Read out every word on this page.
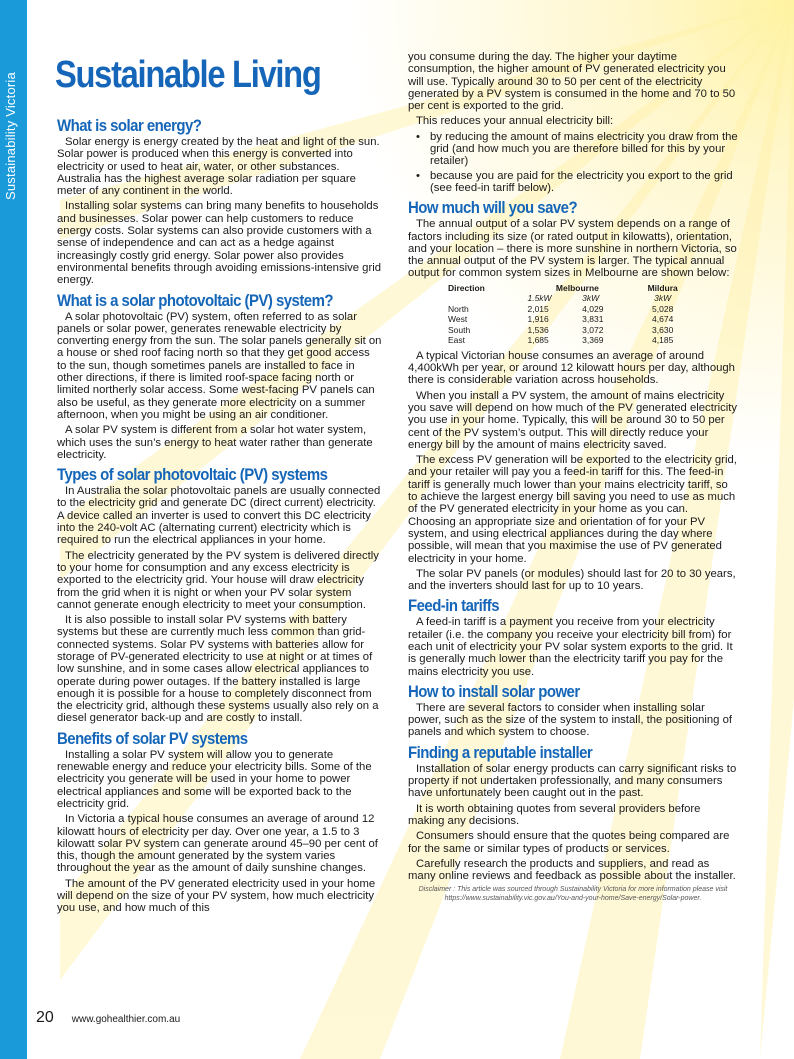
Sustainability Victoria Sustainable Living
What is solar energy?

Solar energy is energy created by the heat and light of the sun. Solar power is produced when this energy is converted into electricity or used to heat air, water, or other substances. Australia has the highest average solar radiation per square meter of any continent in the world.

Installing solar systems can bring many benefits to households and businesses. Solar power can help customers to reduce energy costs. Solar systems can also provide customers with a sense of independence and can act as a hedge against increasingly costly grid energy. Solar power also provides environmental benefits through avoiding emissions-intensive grid energy.

What is a solar photovoltaic (PV) system?

A solar photovoltaic (PV) system, often referred to as solar panels or solar power, generates renewable electricity by converting energy from the sun. The solar panels generally sit on a house or shed roof facing north so that they get good access to the sun, though sometimes panels are installed to face in other directions, if there is limited roof-space facing north or limited northerly solar access. Some west-facing PV panels can also be useful, as they generate more electricity on a summer afternoon, when you might be using an air conditioner.

A solar PV system is different from a solar hot water system, which uses the sun’s energy to heat water rather than generate electricity.

Types of solar photovoltaic (PV) systems

In Australia the solar photovoltaic panels are usually connected to the electricity grid and generate DC (direct current) electricity. A device called an inverter is used to convert this DC electricity into the 240-volt AC (alternating current) electricity which is required to run the electrical appliances in your home.

The electricity generated by the PV system is delivered directly to your home for consumption and any excess electricity is exported to the electricity grid. Your house will draw electricity from the grid when it is night or when your PV solar system cannot generate enough electricity to meet your consumption.

It is also possible to install solar PV systems with battery systems but these are currently much less common than grid-connected systems. Solar PV systems with batteries allow for storage of PV-generated electricity to use at night or at times of low sunshine, and in some cases allow electrical appliances to operate during power outages. If the battery installed is large enough it is possible for a house to completely disconnect from the electricity grid, although these systems usually also rely on a diesel generator back-up and are costly to install.

Benefits of solar PV systems

Installing a solar PV system will allow you to generate renewable energy and reduce your electricity bills. Some of the electricity you generate will be used in your home to power electrical appliances and some will be exported back to the electricity grid.

In Victoria a typical house consumes an average of around 12 kilowatt hours of electricity per day. Over one year, a 1.5 to 3 kilowatt solar PV system can generate around 45–90 per cent of this, though the amount generated by the system varies throughout the year as the amount of daily sunshine changes.

The amount of the PV generated electricity used in your home will depend on the size of your PV system, how much electricity you use, and how much of this

you consume during the day. The higher your daytime consumption, the higher amount of PV generated electricity you will use. Typically around 30 to 50 per cent of the electricity generated by a PV system is consumed in the home and 70 to 50 per cent is exported to the grid.

This reduces your annual electricity bill:

• by reducing the amount of mains electricity you draw from the grid (and how much you are therefore billed for this by your retailer)
• because you are paid for the electricity you export to the grid (see feed-in tariff below).
How much will you save?

The annual output of a solar PV system depends on a range of factors including its size (or rated output in kilowatts), orientation, and your location – there is more sunshine in northern Victoria, so the annual output of the PV system is larger. The typical annual output for common system sizes in Melbourne are shown below:

Direction	Melbourne		Mildura
	1.5kW	3kW	3kW
North	2,015	4,029	5,028
West	1,916	3,831	4,674
South	1,536	3,072	3,630
East	1,685	3,369	4,185

A typical Victorian house consumes an average of around 4,400kWh per year, or around 12 kilowatt hours per day, although there is considerable variation across households.

When you install a PV system, the amount of mains electricity you save will depend on how much of the PV generated electricity you use in your home. Typically, this will be around 30 to 50 per cent of the PV system’s output. This will directly reduce your energy bill by the amount of mains electricity saved.

The excess PV generation will be exported to the electricity grid, and your retailer will pay you a feed-in tariff for this. The feed-in tariff is generally much lower than your mains electricity tariff, so to achieve the largest energy bill saving you need to use as much of the PV generated electricity in your home as you can. Choosing an appropriate size and orientation of for your PV system, and using electrical appliances during the day where possible, will mean that you maximise the use of PV generated electricity in your home.

The solar PV panels (or modules) should last for 20 to 30 years, and the inverters should last for up to 10 years.

Feed-in tariffs

A feed-in tariff is a payment you receive from your electricity retailer (i.e. the company you receive your electricity bill from) for each unit of electricity your PV solar system exports to the grid. It is generally much lower than the electricity tariff you pay for the mains electricity you use.

How to install solar power

There are several factors to consider when installing solar power, such as the size of the system to install, the positioning of panels and which system to choose.

Finding a reputable installer

Installation of solar energy products can carry significant risks to property if not undertaken professionally, and many consumers have unfortunately been caught out in the past.

It is worth obtaining quotes from several providers before making any decisions.

Consumers should ensure that the quotes being compared are for the same or similar types of products or services.

Carefully research the products and suppliers, and read as many online reviews and feedback as possible about the installer.

Disclaimer : This article was sourced through Sustainability Victoria for more information please visit
https://www.sustainability.vic.gov.au/You-and-your-home/Save-energy/Solar-power.
20 www.gohealthier.com.au
